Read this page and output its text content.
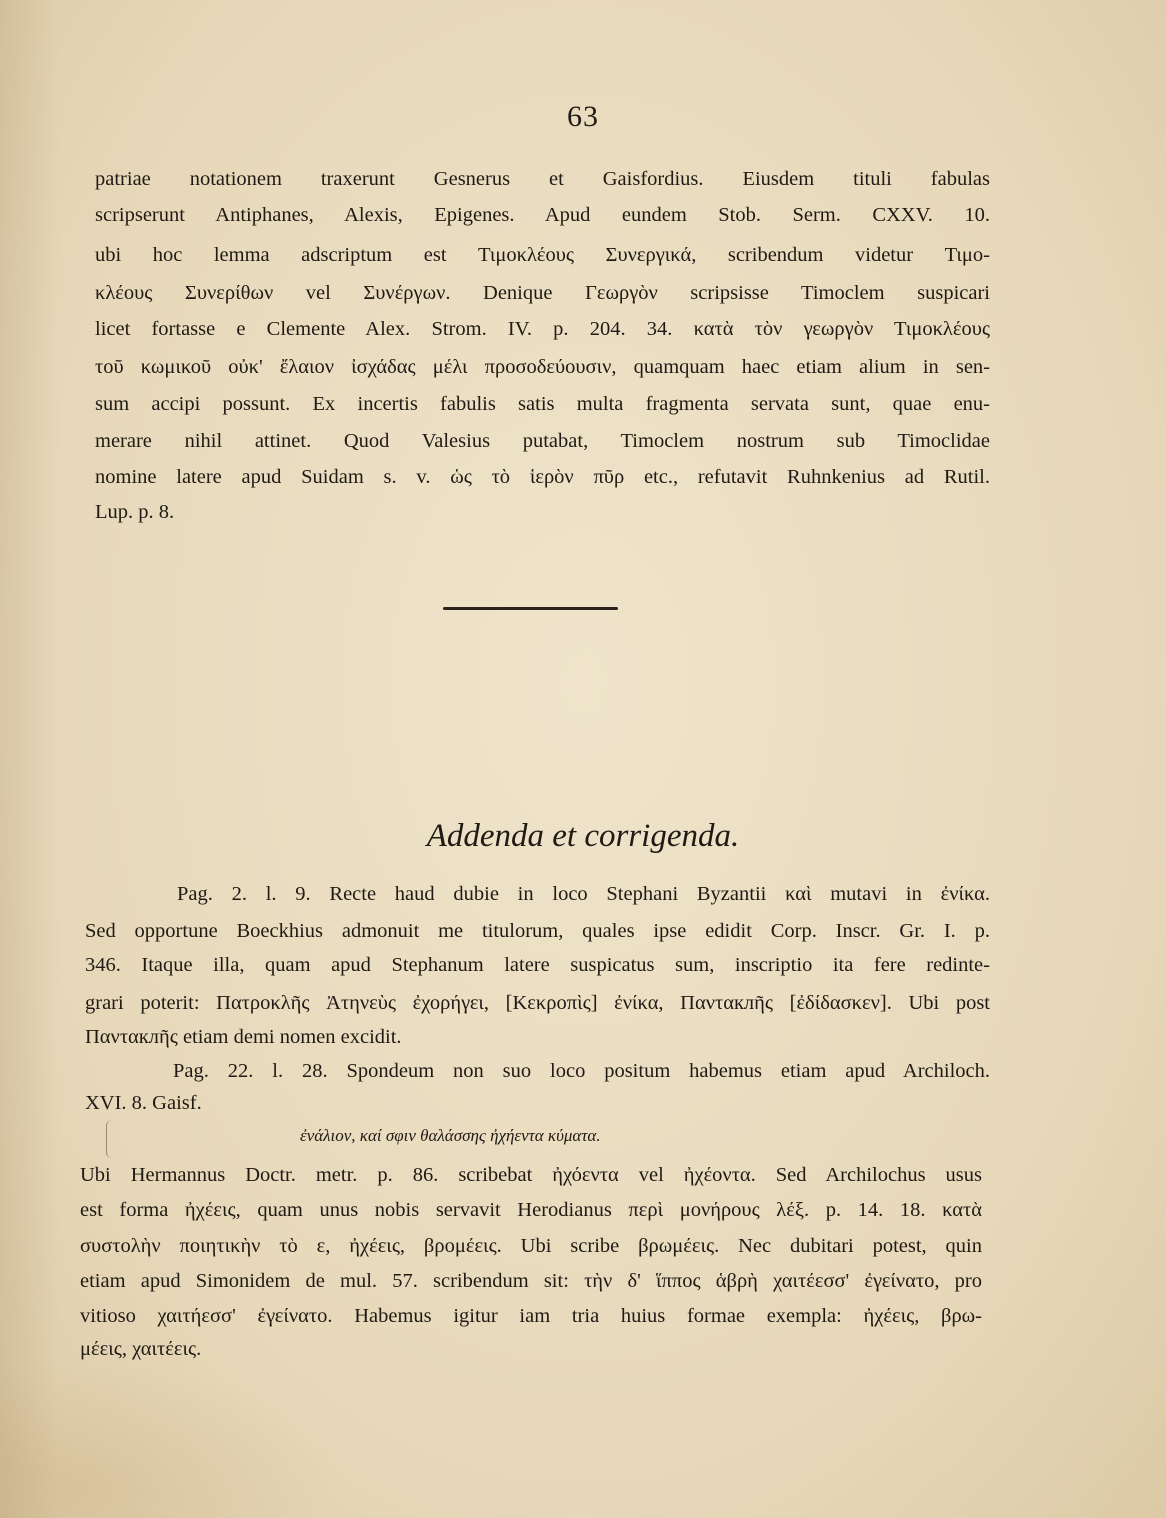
63
patriae notationem traxerunt Gesnerus et Gaisfordius. Eiusdem tituli fabulas
scripserunt Antiphanes, Alexis, Epigenes. Apud eundem Stob. Serm. CXXV. 10.
ubi hoc lemma adscriptum est Τιμοκλέους Συνεργικά, scribendum videtur Τιμο-
κλέους Συνερίθων vel Συνέργων. Denique Γεωργὸν scripsisse Timoclem suspicari
licet fortasse e Clemente Alex. Strom. IV. p. 204. 34. κατὰ τὸν γεωργὸν Τιμοκλέους
τοῦ κωμικοῦ οὐκ' ἔλαιον ἰσχάδας μέλι προσοδεύουσιν, quamquam haec etiam alium in sen-
sum accipi possunt. Ex incertis fabulis satis multa fragmenta servata sunt, quae enu-
merare nihil attinet. Quod Valesius putabat, Timoclem nostrum sub Timoclidae
nomine latere apud Suidam s. v. ὡς τὸ ἱερὸν πῦρ etc., refutavit Ruhnkenius ad Rutil.
Lup. p. 8.
Addenda et corrigenda.
Pag. 2. l. 9. Recte haud dubie in loco Stephani Byzantii καὶ mutavi in ἐνίκα.
Sed opportune Boeckhius admonuit me titulorum, quales ipse edidit Corp. Inscr. Gr. I. p.
346. Itaque illa, quam apud Stephanum latere suspicatus sum, inscriptio ita fere redinte-
grari poterit: Πατροκλῆς Ἀτηνεὺς ἐχορήγει, [Κεκροπὶς] ἐνίκα, Πανταклῆς [ἐδίδασκεν]. Ubi post
Πανταклῆς etiam demi nomen excidit.
Pag. 22. l. 28. Spondeum non suo loco positum habemus etiam apud Archiloch.
XVI. 8. Gaisf.
ἐνάλιον, καί σφιν θαλάσσης ἠχήεντα κύματα.
Ubi Hermannus Doctr. metr. p. 86. scribebat ἠχόεντα vel ἠχέοντα. Sed Archilochus usus
est forma ἠχέεις, quam unus nobis servavit Herodianus περὶ μονήρους λέξ. p. 14. 18. κατὰ
συστολὴν ποιητικὴν τὸ ε, ἠχέεις, βρομέεις. Ubi scribe βρωμέεις. Nec dubitari potest, quin
etiam apud Simonidem de mul. 57. scribendum sit: τὴν δ' ἵππος ἁβρὴ χαιτέεσσ' ἐγείνατο, pro
vitioso χαιτήεσσ' ἐγείνατο. Habemus igitur iam tria huius formae exempla: ἠχέεις, βρω-
μέεις, χαιτέεις.
